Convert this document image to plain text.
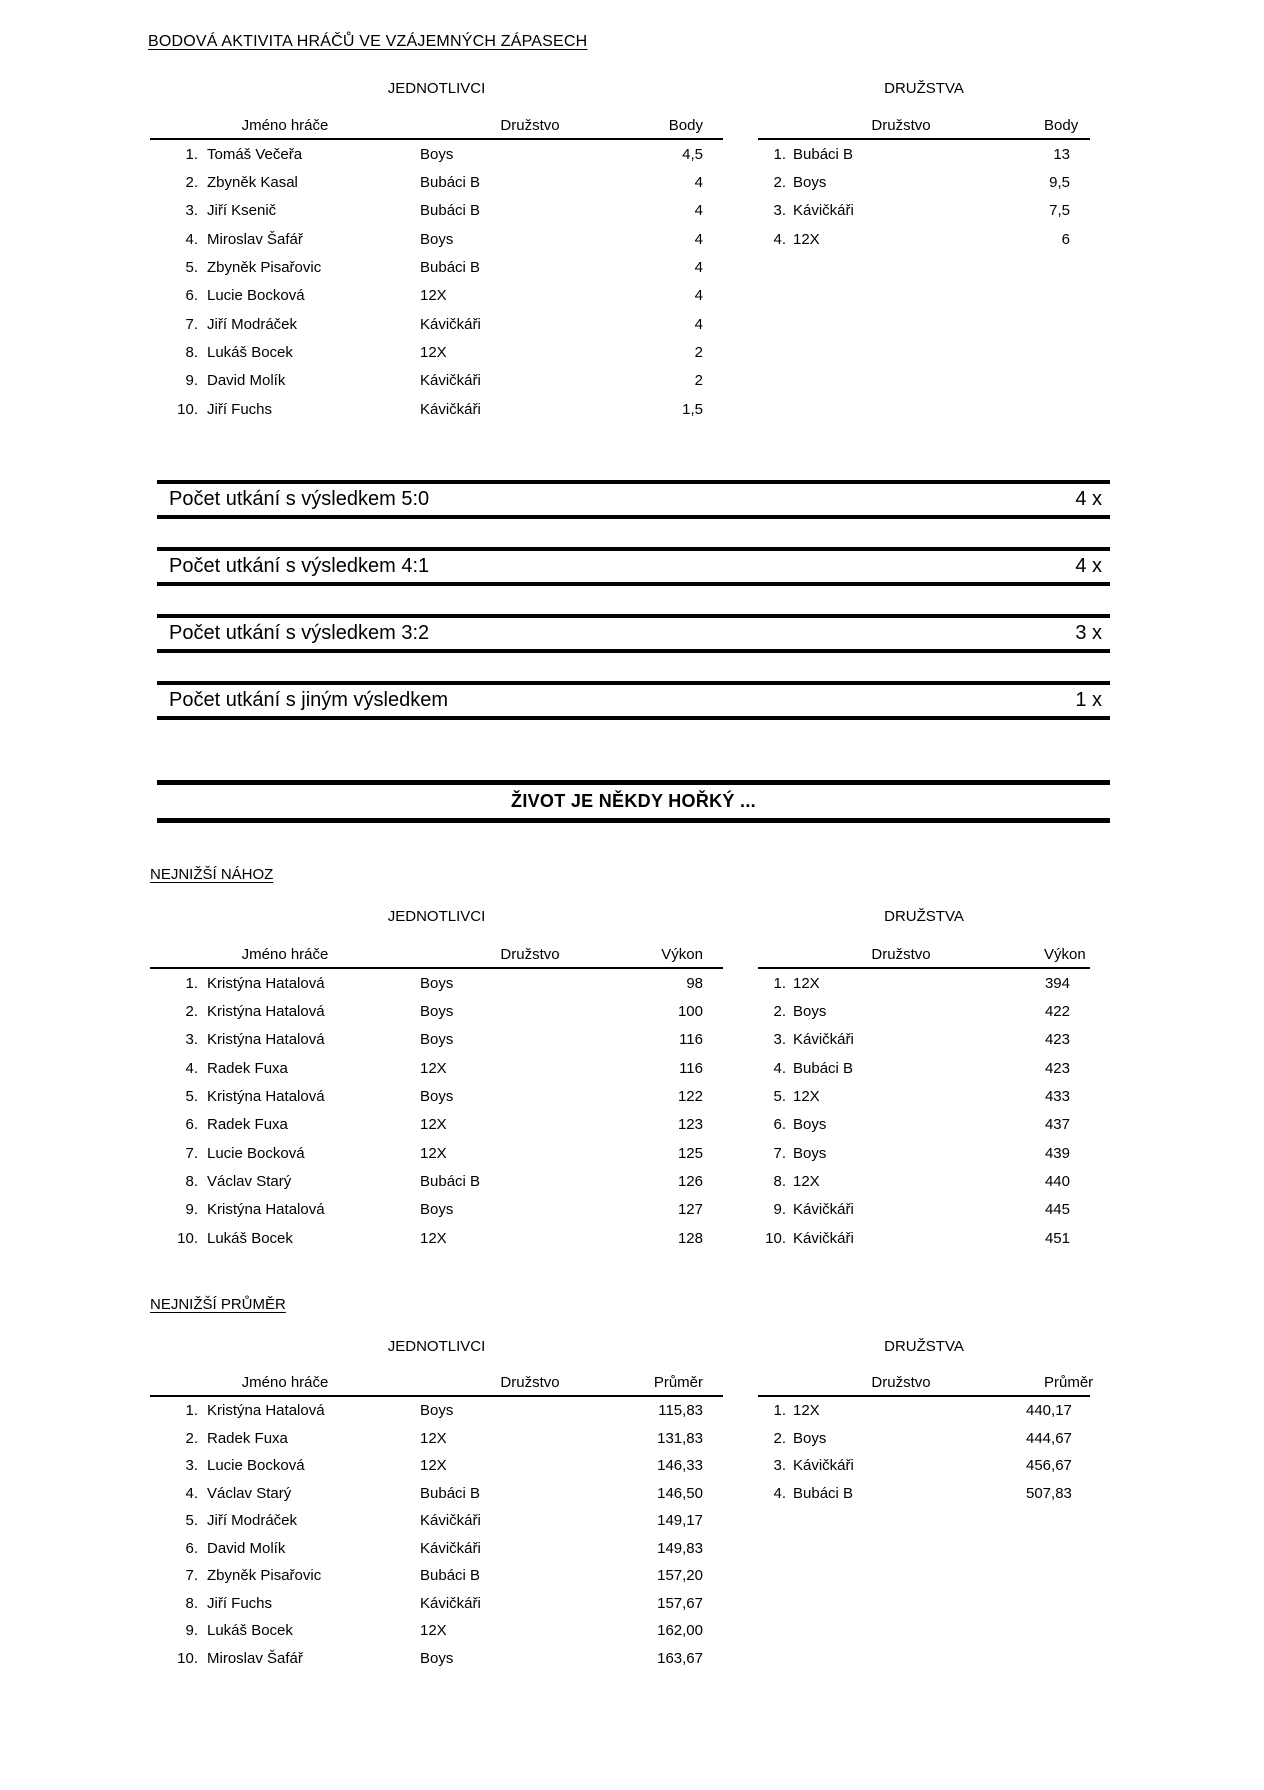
BODOVÁ AKTIVITA HRÁČŮ VE VZÁJEMNÝCH ZÁPASECH
JEDNOTLIVCI	DRUŽSTVA
Jméno hráče	Družstvo	Body
1. Tomáš Večeřa	Boys	4,5
2. Zbyněk Kasal	Bubáci B	4
3. Jiří Ksenič	Bubáci B	4
4. Miroslav Šafář	Boys	4
5. Zbyněk Pisařovic	Bubáci B	4
6. Lucie Bocková	12X	4
7. Jiří Modráček	Kávičkáři	4
8. Lukáš Bocek	12X	2
9. David Molík	Kávičkáři	2
10. Jiří Fuchs	Kávičkáři	1,5
Družstvo	Body
1. Bubáci B	13
2. Boys	9,5
3. Kávičkáři	7,5
4. 12X	6
Počet utkání s výsledkem 5:0	4 x
Počet utkání s výsledkem 4:1	4 x
Počet utkání s výsledkem 3:2	3 x
Počet utkání s jiným výsledkem	1 x
ŽIVOT JE NĚKDY HOŘKÝ ...
NEJNIŽŠÍ NÁHOZ
JEDNOTLIVCI	DRUŽSTVA
Jméno hráče	Družstvo	Výkon
1. Kristýna Hatalová	Boys	98
2. Kristýna Hatalová	Boys	100
3. Kristýna Hatalová	Boys	116
4. Radek Fuxa	12X	116
5. Kristýna Hatalová	Boys	122
6. Radek Fuxa	12X	123
7. Lucie Bocková	12X	125
8. Václav Starý	Bubáci B	126
9. Kristýna Hatalová	Boys	127
10. Lukáš Bocek	12X	128
Družstvo	Výkon
1. 12X	394
2. Boys	422
3. Kávičkáři	423
4. Bubáci B	423
5. 12X	433
6. Boys	437
7. Boys	439
8. 12X	440
9. Kávičkáři	445
10. Kávičkáři	451
NEJNIŽŠÍ PRŮMĚR
JEDNOTLIVCI	DRUŽSTVA
Jméno hráče	Družstvo	Průměr
1. Kristýna Hatalová	Boys	115,83
2. Radek Fuxa	12X	131,83
3. Lucie Bocková	12X	146,33
4. Václav Starý	Bubáci B	146,50
5. Jiří Modráček	Kávičkáři	149,17
6. David Molík	Kávičkáři	149,83
7. Zbyněk Pisařovic	Bubáci B	157,20
8. Jiří Fuchs	Kávičkáři	157,67
9. Lukáš Bocek	12X	162,00
10. Miroslav Šafář	Boys	163,67
Družstvo	Průměr
1. 12X	440,17
2. Boys	444,67
3. Kávičkáři	456,67
4. Bubáci B	507,83
